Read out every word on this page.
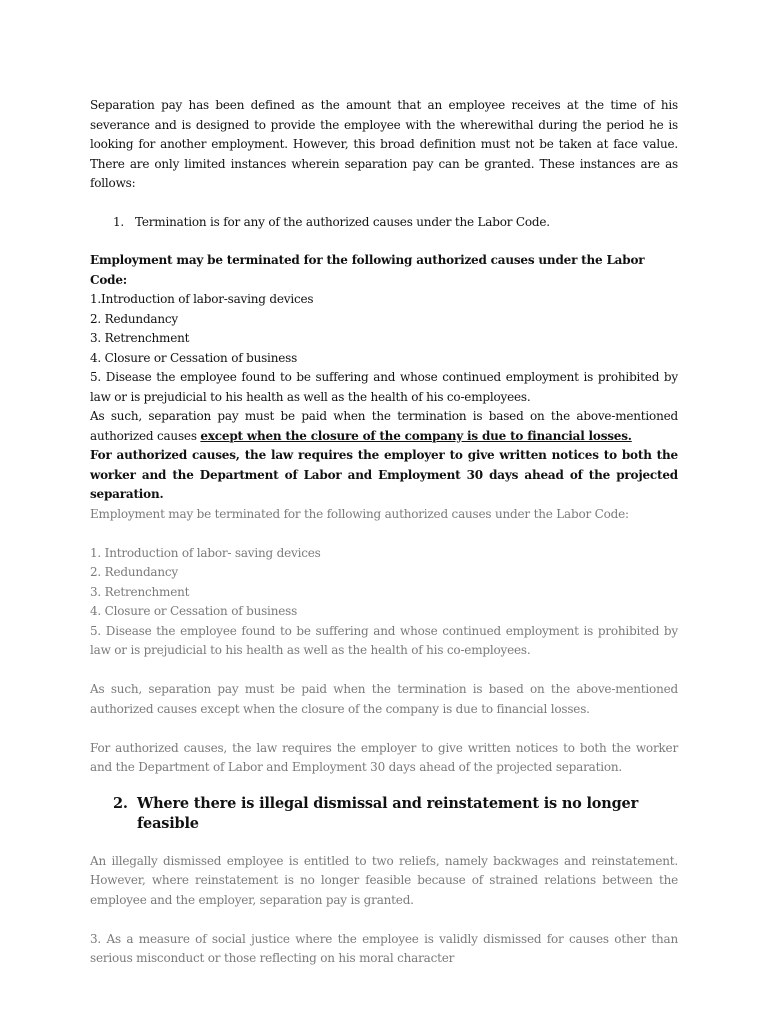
Separation pay has been defined as the amount that an employee receives at the time of his severance and is designed to provide the employee with the wherewithal during the period he is looking for another employment. However, this broad definition must not be taken at face value. There are only limited instances wherein separation pay can be granted. These instances are as follows:

1. Termination is for any of the authorized causes under the Labor Code.
Employment may be terminated for the following authorized causes under the Labor Code:
1.Introduction of labor-saving devices
2. Redundancy
3. Retrenchment
4. Closure or Cessation of business
5. Disease the employee found to be suffering and whose continued employment is prohibited by law or is prejudicial to his health as well as the health of his co-employees.

As such, separation pay must be paid when the termination is based on the above-mentioned authorized causes except when the closure of the company is due to financial losses.

For authorized causes, the law requires the employer to give written notices to both the worker and the Department of Labor and Employment 30 days ahead of the projected separation.

Employment may be terminated for the following authorized causes under the Labor Code:
1. Introduction of labor- saving devices
2. Redundancy
3. Retrenchment
4. Closure or Cessation of business
5. Disease the employee found to be suffering and whose continued employment is prohibited by law or is prejudicial to his health as well as the health of his co-employees.

As such, separation pay must be paid when the termination is based on the above-mentioned authorized causes except when the closure of the company is due to financial losses.

For authorized causes, the law requires the employer to give written notices to both the worker and the Department of Labor and Employment 30 days ahead of the projected separation.

2. Where there is illegal dismissal and reinstatement is no longer feasible

An illegally dismissed employee is entitled to two reliefs, namely backwages and reinstatement. However, where reinstatement is no longer feasible because of strained relations between the employee and the employer, separation pay is granted.

3. As a measure of social justice where the employee is validly dismissed for causes other than serious misconduct or those reflecting on his moral character
